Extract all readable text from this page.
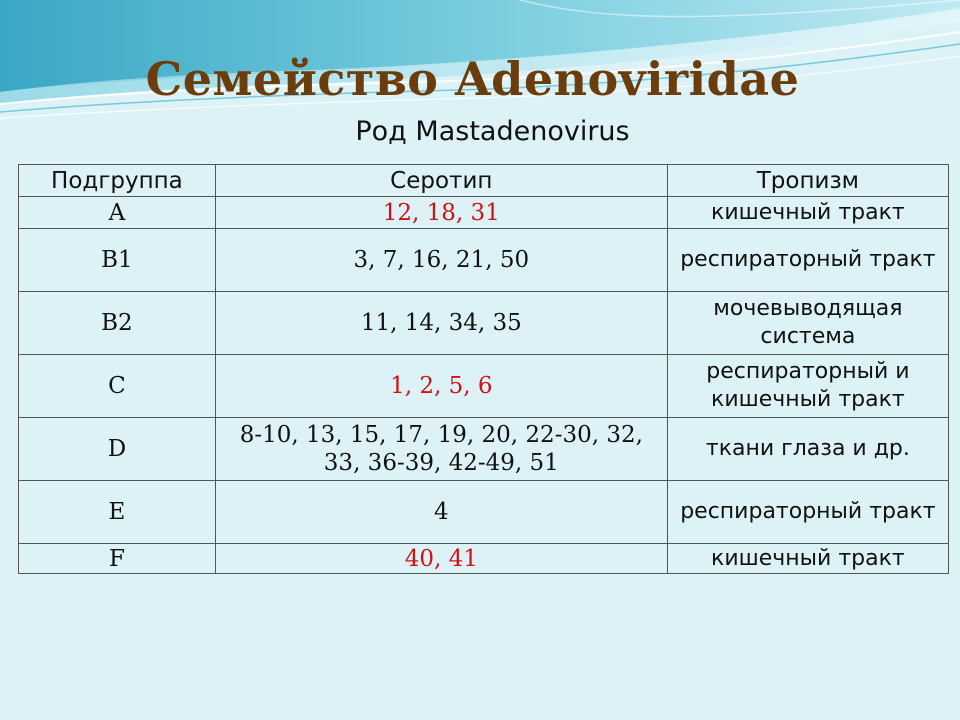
Семейство Adenoviridae
Род Mastadenovirus
Подгруппа	Серотип	Тропизм
A	12, 18, 31	кишечный тракт
B1	3, 7, 16, 21, 50	респираторный тракт
B2	11, 14, 34, 35	мочевыводящая система
C	1, 2, 5, 6	респираторный и кишечный тракт
D	8-10, 13, 15, 17, 19, 20, 22-30, 32, 33, 36-39, 42-49, 51	ткани глаза и др.
E	4	респираторный тракт
F	40, 41	кишечный тракт
